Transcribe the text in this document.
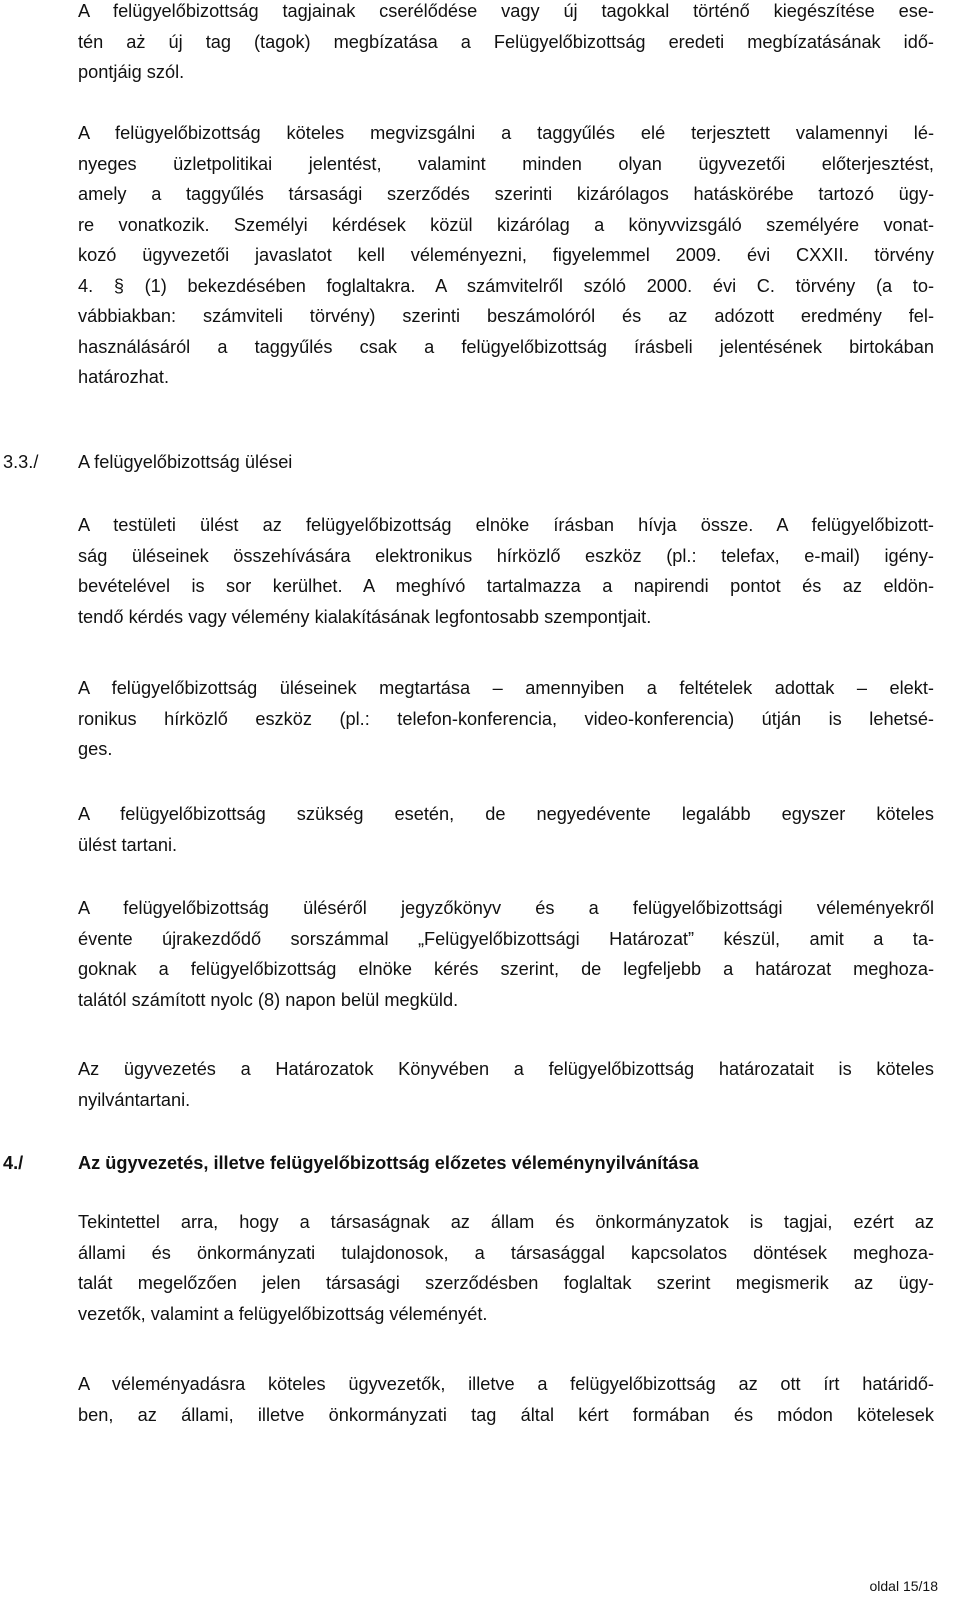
A felügyelőbizottság tagjainak cserélődése vagy új tagokkal történő kiegészítése ese-
tén aż új tag (tagok) megbízatása a Felügyelőbizottság eredeti megbízatásának idő-
pontjáig szól.
A felügyelőbizottság köteles megvizsgálni a taggyűlés elé terjesztett valamennyi lé-
nyeges üzletpolitikai jelentést, valamint minden olyan ügyvezetői előterjesztést,
amely a taggyűlés társasági szerződés szerinti kizárólagos hatáskörébe tartozó ügy-
re vonatkozik. Személyi kérdések közül kizárólag a könyvvizsgáló személyére vonat-
kozó ügyvezetői javaslatot kell véleményezni, figyelemmel 2009. évi CXXII. törvény
4. § (1) bekezdésében foglaltakra. A számvitelről szóló 2000. évi C. törvény (a to-
vábbiakban: számviteli törvény) szerinti beszámolóról és az adózott eredmény fel-
használásáról a taggyűlés csak a felügyelőbizottság írásbeli jelentésének birtokában
határozhat.
3.3./ A felügyelőbizottság ülései
A testületi ülést az felügyelőbizottság elnöke írásban hívja össze. A felügyelőbizott-
ság üléseinek összehívására elektronikus hírközlő eszköz (pl.: telefax, e-mail) igény-
bevételével is sor kerülhet. A meghívó tartalmazza a napirendi pontot és az eldön-
tendő kérdés vagy vélemény kialakításának legfontosabb szempontjait.
A felügyelőbizottság üléseinek megtartása – amennyiben a feltételek adottak – elekt-
ronikus hírközlő eszköz (pl.: telefon-konferencia, video-konferencia) útján is lehetsé-
ges.
A felügyelőbizottság szükség esetén, de negyedévente legalább egyszer köteles
ülést tartani.
A felügyelőbizottság üléséről jegyzőkönyv és a felügyelőbizottsági véleményekről
évente újrakezdődő sorszámmal „Felügyelőbizottsági Határozat” készül, amit a ta-
goknak a felügyelőbizottság elnöke kérés szerint, de legfeljebb a határozat meghoza-
talától számított nyolc (8) napon belül megküld.
Az ügyvezetés a Határozatok Könyvében a felügyelőbizottság határozatait is köteles
nyilvántartani.
4./	Az ügyvezetés, illetve felügyelőbizottság előzetes véleménynyilvánítása
Tekintettel arra, hogy a társaságnak az állam és önkormányzatok is tagjai, ezért az
állami és önkormányzati tulajdonosok, a társasággal kapcsolatos döntések meghoza-
talát megelőzően jelen társasági szerződésben foglaltak szerint megismerik az ügy-
vezetők, valamint a felügyelőbizottság véleményét.
A véleményadásra köteles ügyvezetők, illetve a felügyelőbizottság az ott írt határidő-
ben, az állami, illetve önkormányzati tag által kért formában és módon kötelesek
oldal 15/18
